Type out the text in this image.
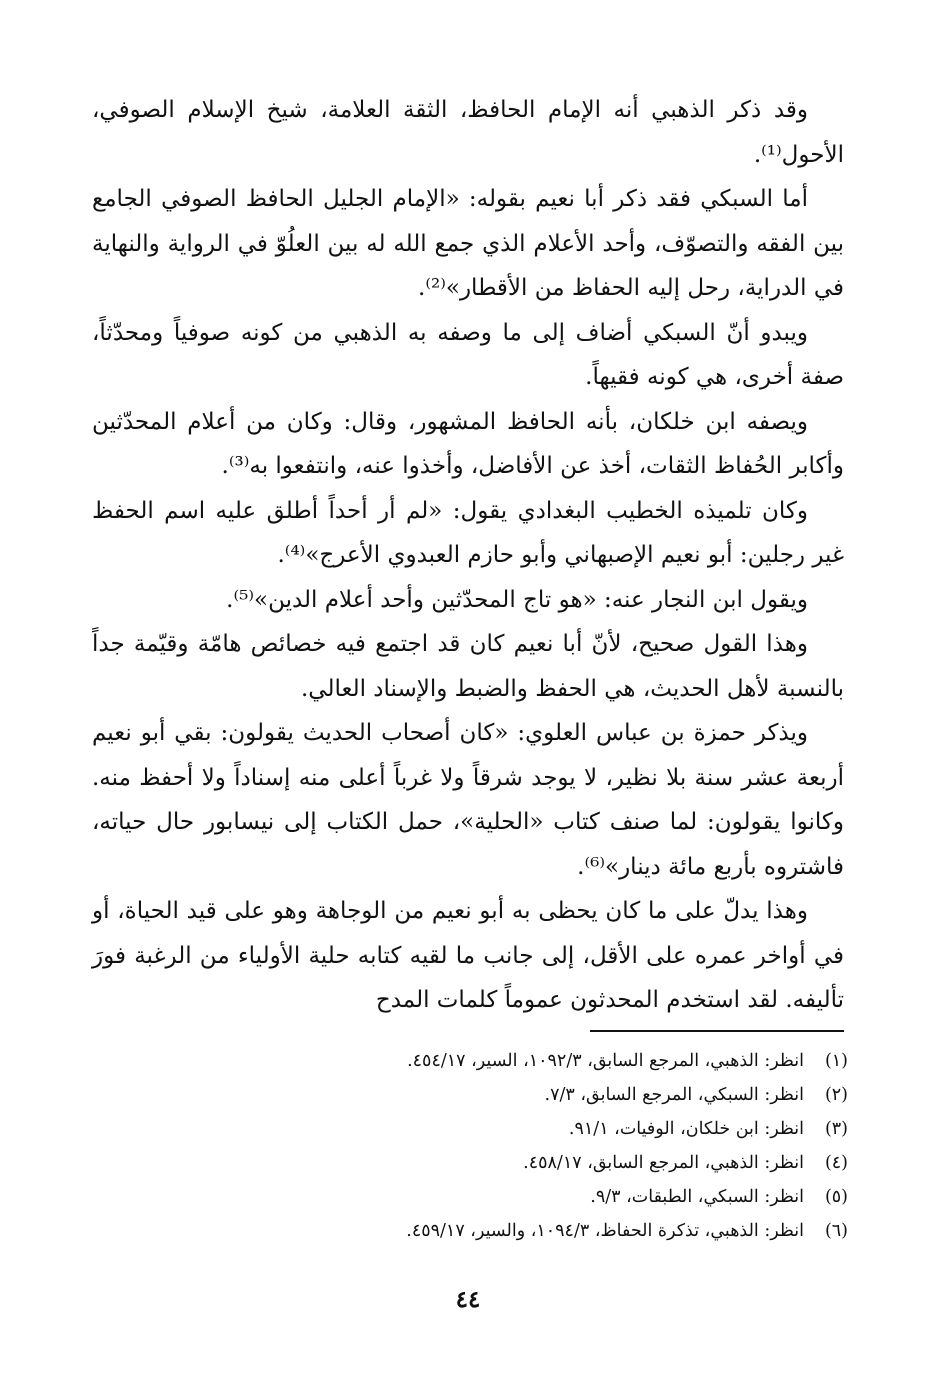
وقد ذكر الذهبي أنه الإمام الحافظ، الثقة العلامة، شيخ الإسلام الصوفي، الأحول⁽¹⁾.

أما السبكي فقد ذكر أبا نعيم بقوله: «الإمام الجليل الحافظ الصوفي الجامع بين الفقه والتصوّف، وأحد الأعلام الذي جمع الله له بين العلُوّ في الرواية والنهاية في الدراية، رحل إليه الحفاظ من الأقطار»⁽²⁾.

ويبدو أنّ السبكي أضاف إلى ما وصفه به الذهبي من كونه صوفياً ومحدّثاً، صفة أخرى، هي كونه فقيهاً.

ويصفه ابن خلكان، بأنه الحافظ المشهور، وقال: وكان من أعلام المحدّثين وأكابر الحُفاظ الثقات، أخذ عن الأفاضل، وأخذوا عنه، وانتفعوا به⁽³⁾.

وكان تلميذه الخطيب البغدادي يقول: «لم أر أحداً أطلق عليه اسم الحفظ غير رجلين: أبو نعيم الإصبهاني وأبو حازم العبدوي الأعرج»⁽⁴⁾.

ويقول ابن النجار عنه: «هو تاج المحدّثين وأحد أعلام الدين»⁽⁵⁾.

وهذا القول صحيح، لأنّ أبا نعيم كان قد اجتمع فيه خصائص هامّة وقيّمة جداً بالنسبة لأهل الحديث، هي الحفظ والضبط والإسناد العالي.

ويذكر حمزة بن عباس العلوي: «كان أصحاب الحديث يقولون: بقي أبو نعيم أربعة عشر سنة بلا نظير، لا يوجد شرقاً ولا غرباً أعلى منه إسناداً ولا أحفظ منه. وكانوا يقولون: لما صنف كتاب «الحلية»، حمل الكتاب إلى نيسابور حال حياته، فاشتروه بأربع مائة دينار»⁽⁶⁾.

وهذا يدلّ على ما كان يحظى به أبو نعيم من الوجاهة وهو على قيد الحياة، أو في أواخر عمره على الأقل، إلى جانب ما لقيه كتابه حلية الأولياء من الرغبة فورَ تأليفه. لقد استخدم المحدثون عموماً كلمات المدح

(١)
انظر: الذهبي، المرجع السابق، ١٠٩٢/٣، السير، ٤٥٤/١٧.
(٢)
انظر: السبكي، المرجع السابق، ٧/٣.
(٣)
انظر: ابن خلكان، الوفيات، ٩١/١.
(٤)
انظر: الذهبي، المرجع السابق، ٤٥٨/١٧.
(٥)
انظر: السبكي، الطبقات، ٩/٣.
(٦)
انظر: الذهبي، تذكرة الحفاظ، ١٠٩٤/٣، والسير، ٤٥٩/١٧.
٤٤
